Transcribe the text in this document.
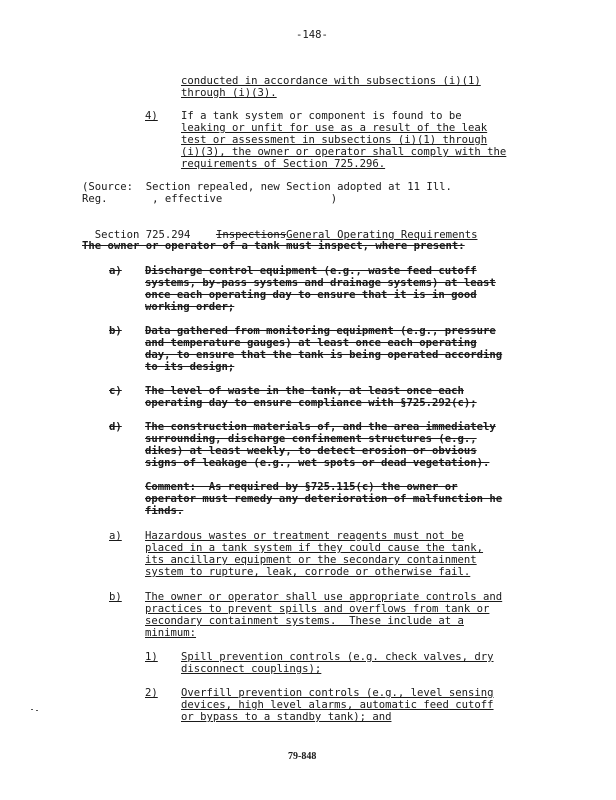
-148-
conducted in accordance with subsections (i)(1)
through (i)(3).
4) If a tank system or component is found to be
leaking or unfit for use as a result of the leak
test or assessment in subsections (i)(1) through
(i)(3), the owner or operator shall comply with the
requirements of Section 725.296.
(Source:  Section repealed, new Section adopted at 11 Ill.
Reg.       , effective                 )

Section 725.294 InspectionsGeneral Operating Requirements

The owner or operator of a tank must inspect, where present:
a) Discharge control equipment (e.g., waste feed cutoff
systems, by-pass systems and drainage systems) at least
once each operating day to ensure that it is in good
working order;
b) Data gathered from monitoring equipment (e.g., pressure
and temperature gauges) at least once each operating
day, to ensure that the tank is being operated according
to its design;
c) The level of waste in the tank, at least once each
operating day to ensure compliance with §725.292(c);
d) The construction materials of, and the area immediately
surrounding, discharge confinement structures (e.g.,
dikes) at least weekly, to detect erosion or obvious
signs of leakage (e.g., wet spots or dead vegetation).
Comment:  As required by §725.115(c) the owner or
operator must remedy any deterioration of malfunction he
finds.
a) Hazardous wastes or treatment reagents must not be
placed in a tank system if they could cause the tank,
its ancillary equipment or the secondary containment
system to rupture, leak, corrode or otherwise fail.
b) The owner or operator shall use appropriate controls and
practices to prevent spills and overflows from tank or
secondary containment systems.  These include at a
minimum:
1) Spill prevention controls (e.g. check valves, dry
disconnect couplings);
2) Overfill prevention controls (e.g., level sensing
devices, high level alarms, automatic feed cutoff
or bypass to a standby tank); and
79-848
